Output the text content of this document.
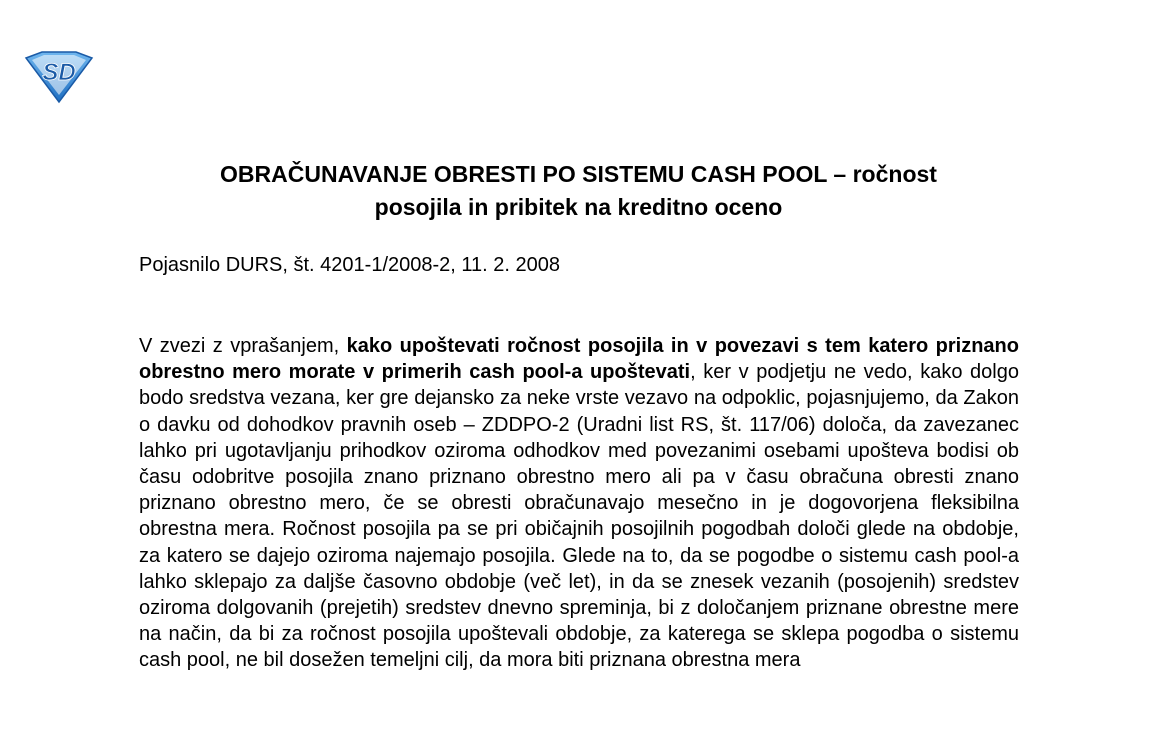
SD
OBRAČUNAVANJE OBRESTI PO SISTEMU CASH POOL – ročnost
posojila in pribitek na kreditno oceno

Pojasnilo DURS, št. 4201-1/2008-2, 11. 2. 2008

V zvezi z vprašanjem, kako upoštevati ročnost posojila in v povezavi s tem katero priznano obrestno mero morate v primerih cash pool-a upoštevati, ker v podjetju ne vedo, kako dolgo bodo sredstva vezana, ker gre dejansko za neke vrste vezavo na odpoklic, pojasnjujemo, da Zakon o davku od dohodkov pravnih oseb – ZDDPO-2 (Uradni list RS, št. 117/06) določa, da zavezanec lahko pri ugotavljanju prihodkov oziroma odhodkov med povezanimi osebami upošteva bodisi ob času odobritve posojila znano priznano obrestno mero ali pa v času obračuna obresti znano priznano obrestno mero, če se obresti obračunavajo mesečno in je dogovorjena fleksibilna obrestna mera. Ročnost posojila pa se pri običajnih posojilnih pogodbah določi glede na obdobje, za katero se dajejo oziroma najemajo posojila. Glede na to, da se pogodbe o sistemu cash pool-a lahko sklepajo za daljše časovno obdobje (več let), in da se znesek vezanih (posojenih) sredstev oziroma dolgovanih (prejetih) sredstev dnevno spreminja, bi z določanjem priznane obrestne mere na način, da bi za ročnost posojila upoštevali obdobje, za katerega se sklepa pogodba o sistemu cash pool, ne bil dosežen temeljni cilj, da mora biti priznana obrestna mera
